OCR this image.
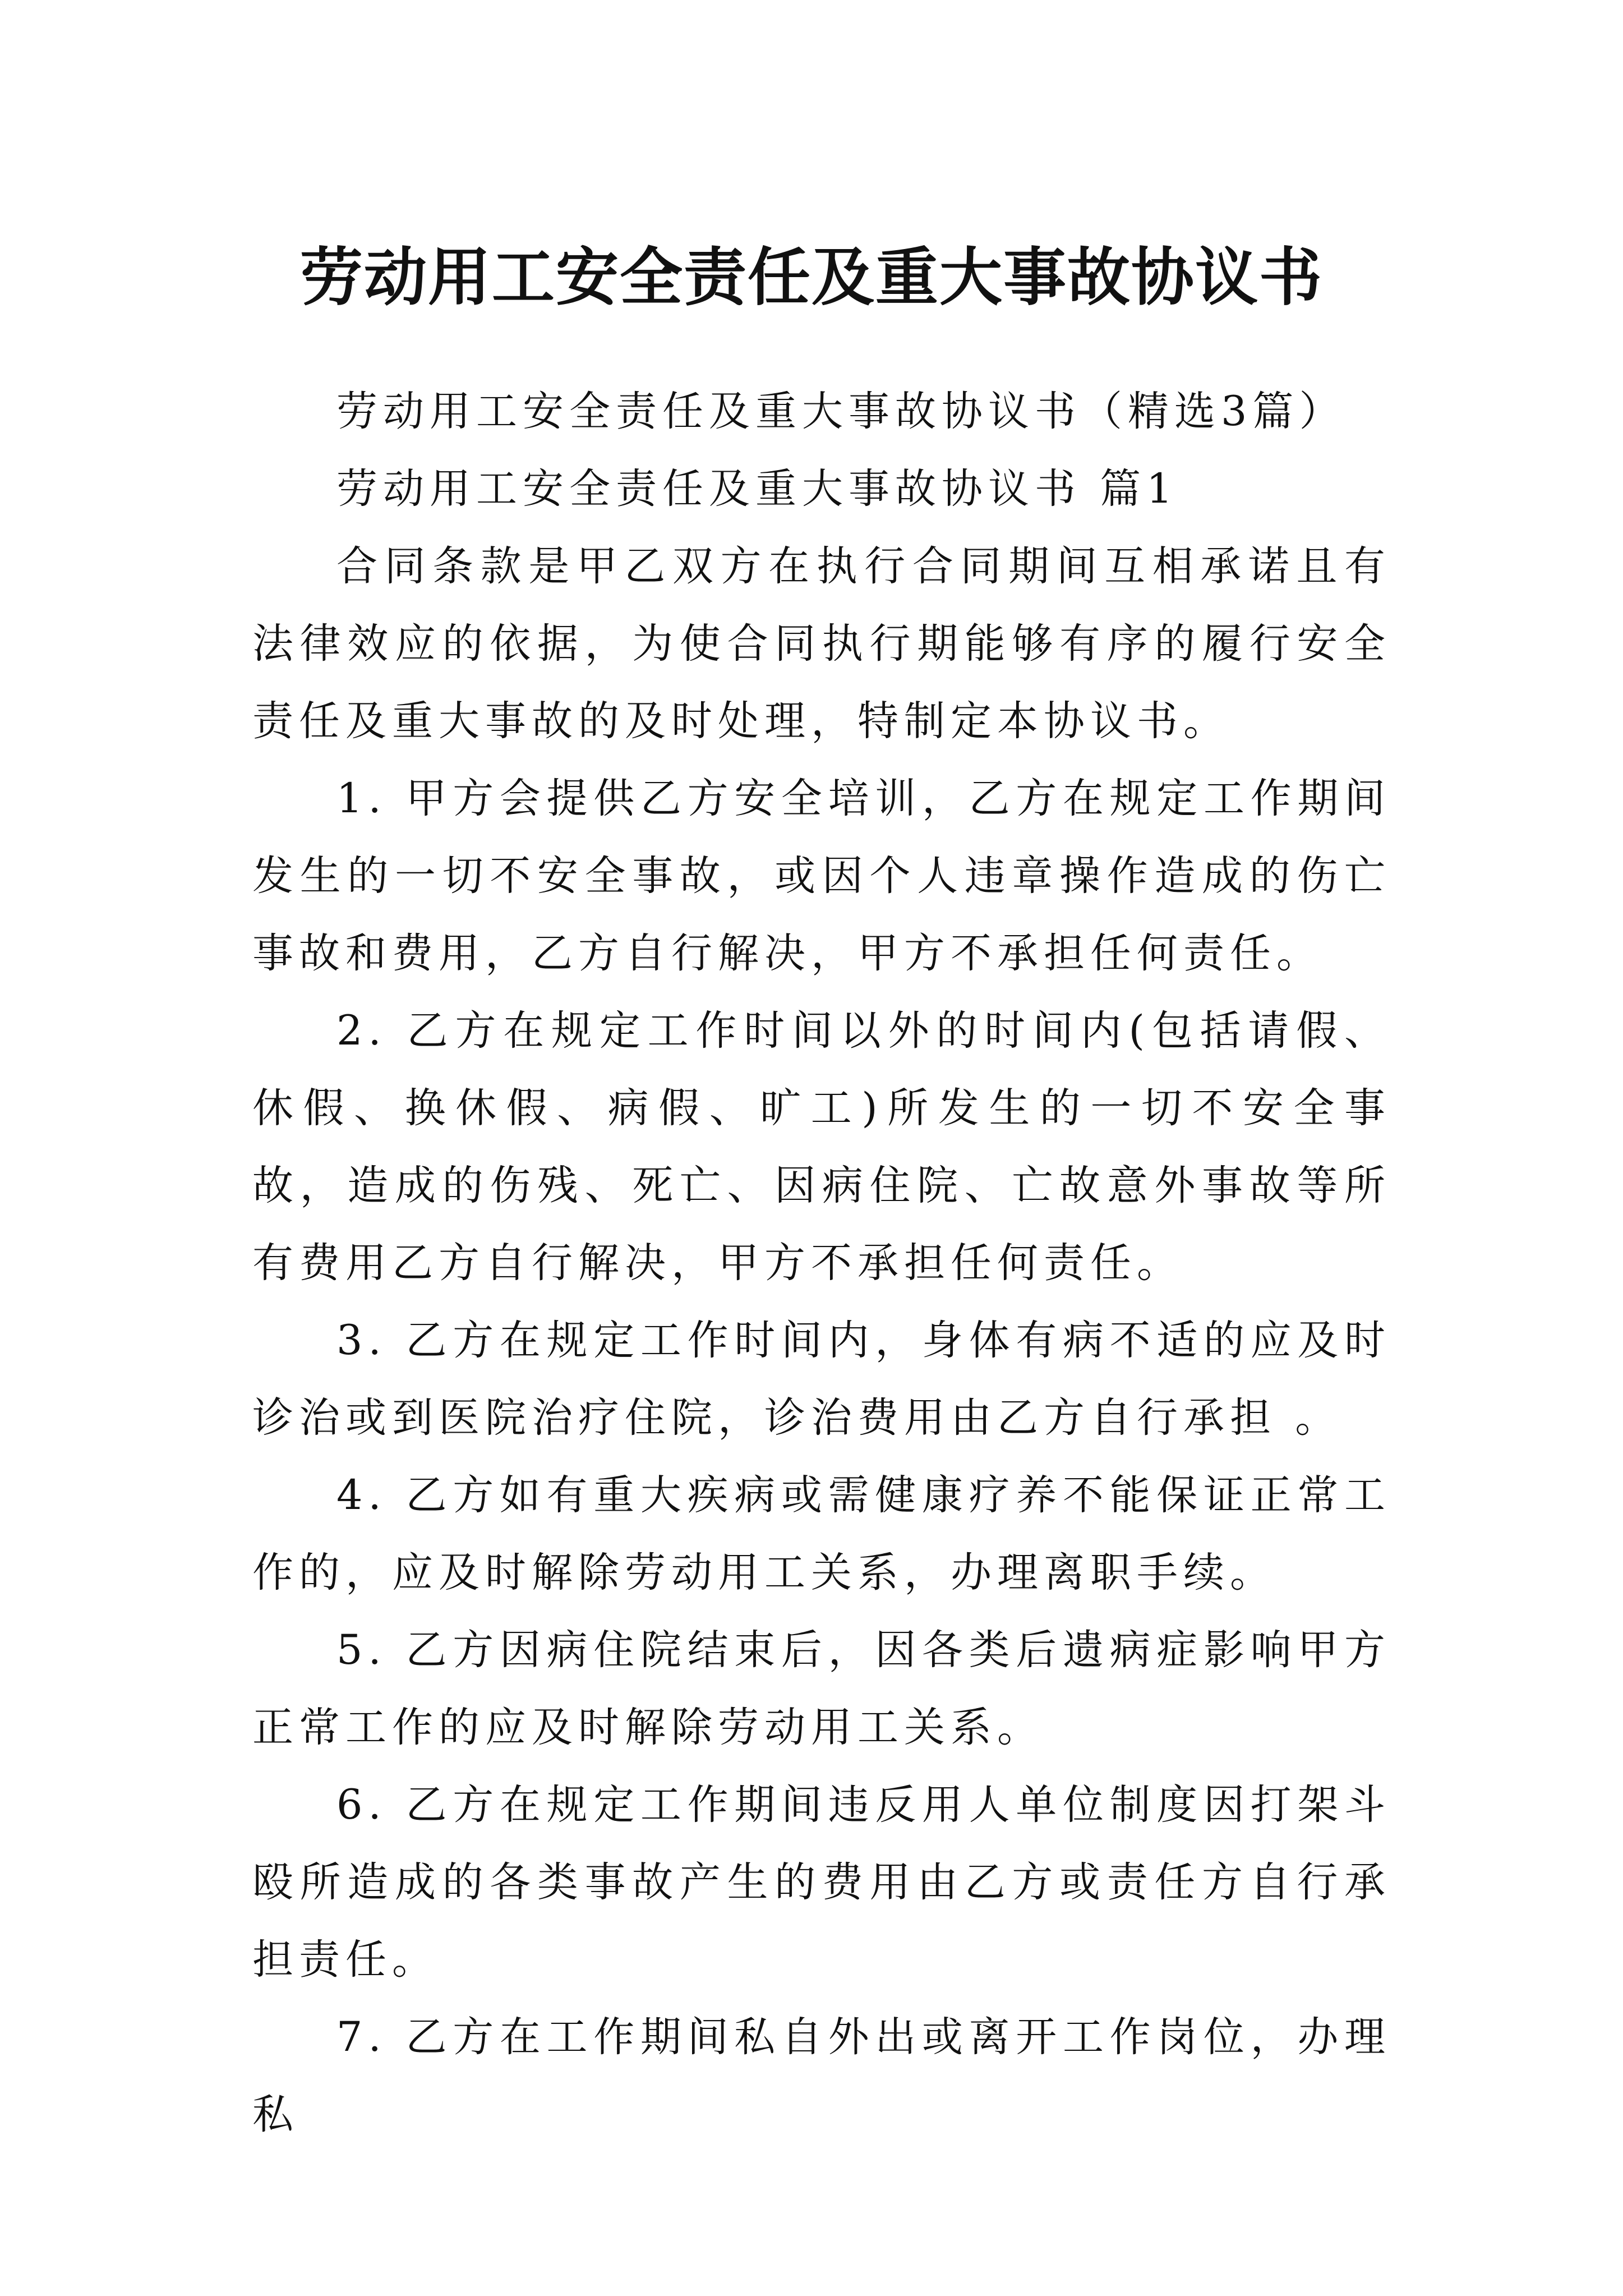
劳动用工安全责任及重大事故协议书

劳动用工安全责任及重大事故协议书（精选3篇）

劳动用工安全责任及重大事故协议书 篇1

合同条款是甲乙双方在执行合同期间互相承诺且有法律效应的依据，为使合同执行期能够有序的履行安全责任及重大事故的及时处理，特制定本协议书。

1. 甲方会提供乙方安全培训，乙方在规定工作期间发生的一切不安全事故，或因个人违章操作造成的伤亡事故和费用，乙方自行解决，甲方不承担任何责任。

2. 乙方在规定工作时间以外的时间内(包括请假、休假、换休假、病假、旷工)所发生的一切不安全事故，造成的伤残、死亡、因病住院、亡故意外事故等所有费用乙方自行解决，甲方不承担任何责任。

3. 乙方在规定工作时间内，身体有病不适的应及时诊治或到医院治疗住院，诊治费用由乙方自行承担 。

4. 乙方如有重大疾病或需健康疗养不能保证正常工作的，应及时解除劳动用工关系，办理离职手续。

5. 乙方因病住院结束后，因各类后遗病症影响甲方正常工作的应及时解除劳动用工关系。

6. 乙方在规定工作期间违反用人单位制度因打架斗殴所造成的各类事故产生的费用由乙方或责任方自行承担责任。

7. 乙方在工作期间私自外出或离开工作岗位，办理私
